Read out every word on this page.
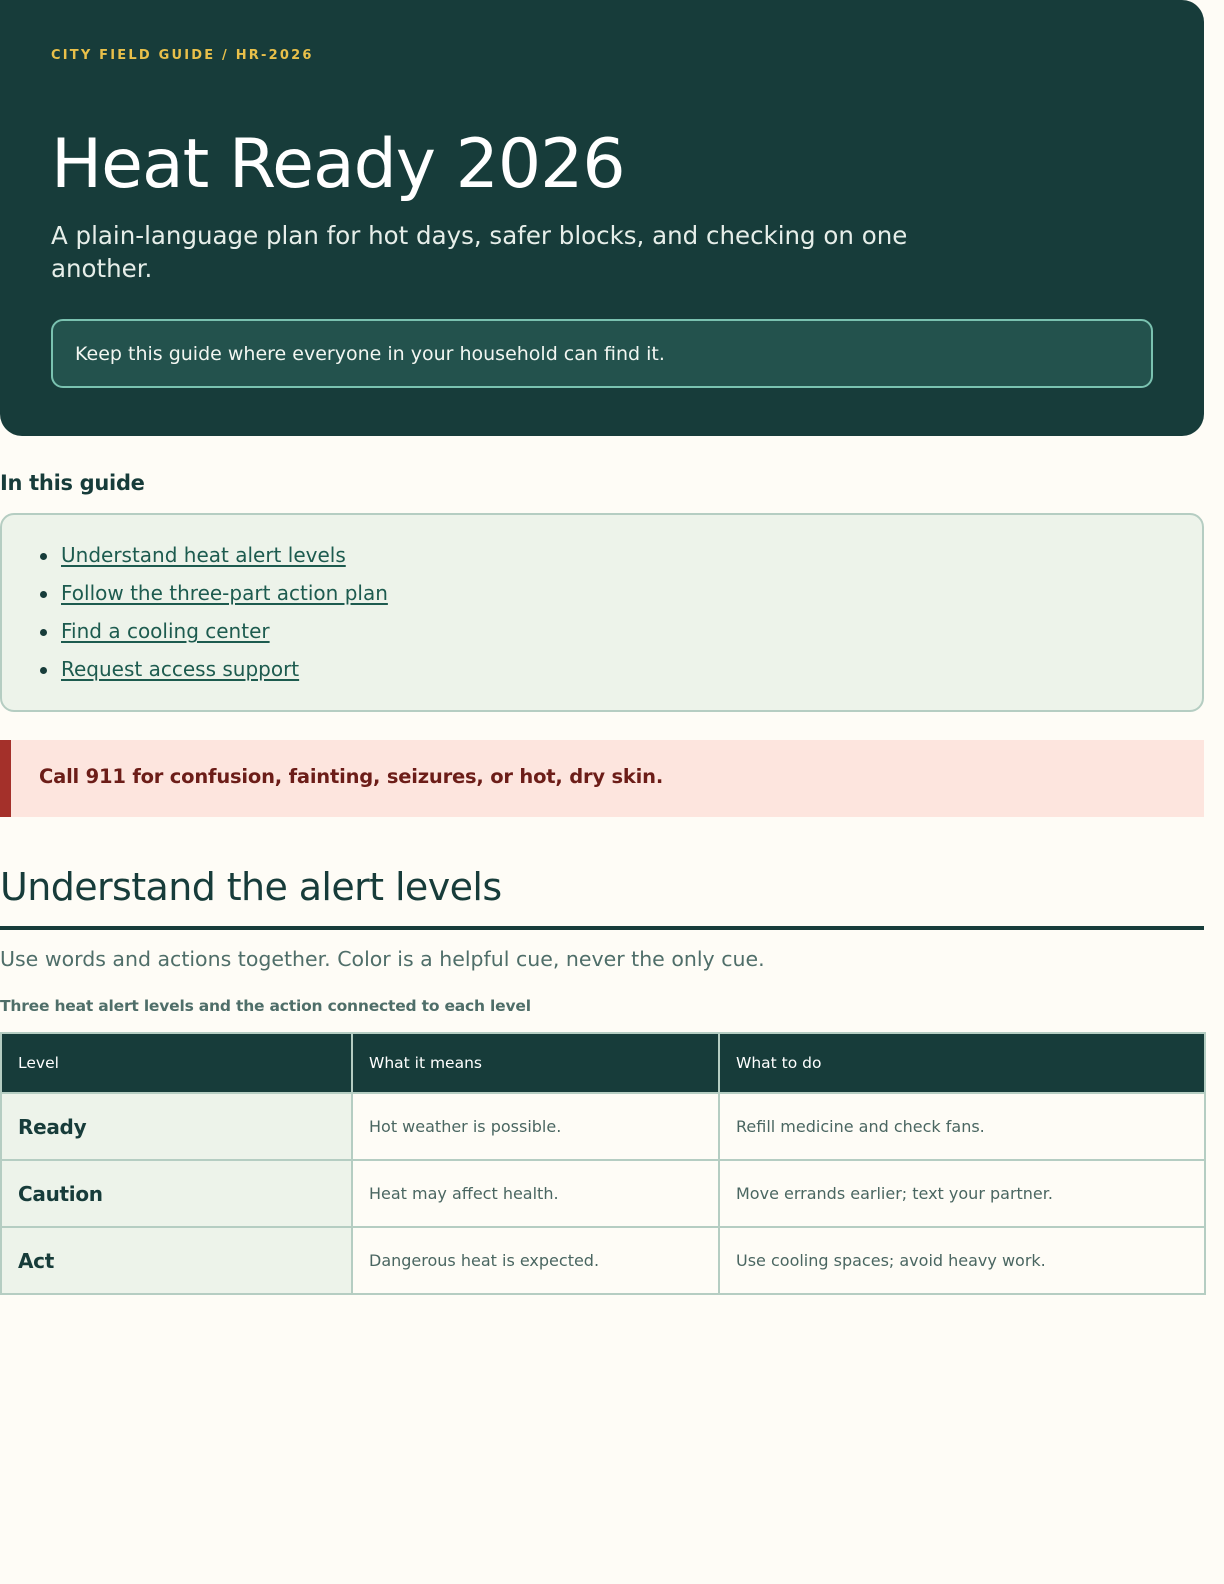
CITY FIELD GUIDE / HR-2026

Heat Ready 2026

A plain-language plan for hot days, safer blocks, and checking on one another.

Keep this guide where everyone in your household can find it.
In this guide
Understand heat alert levels
Follow the three-part action plan
Find a cooling center
Request access support

Call 911 for confusion, fainting, seizures, or hot, dry skin.

Understand the alert levels

Use words and actions together. Color is a helpful cue, never the only cue.

Three heat alert levels and the action connected to each level

Level	What it means	What to do
Ready	Hot weather is possible.	Refill medicine and check fans.
Caution	Heat may affect health.	Move errands earlier; text your partner.
Act	Dangerous heat is expected.	Use cooling spaces; avoid heavy work.
